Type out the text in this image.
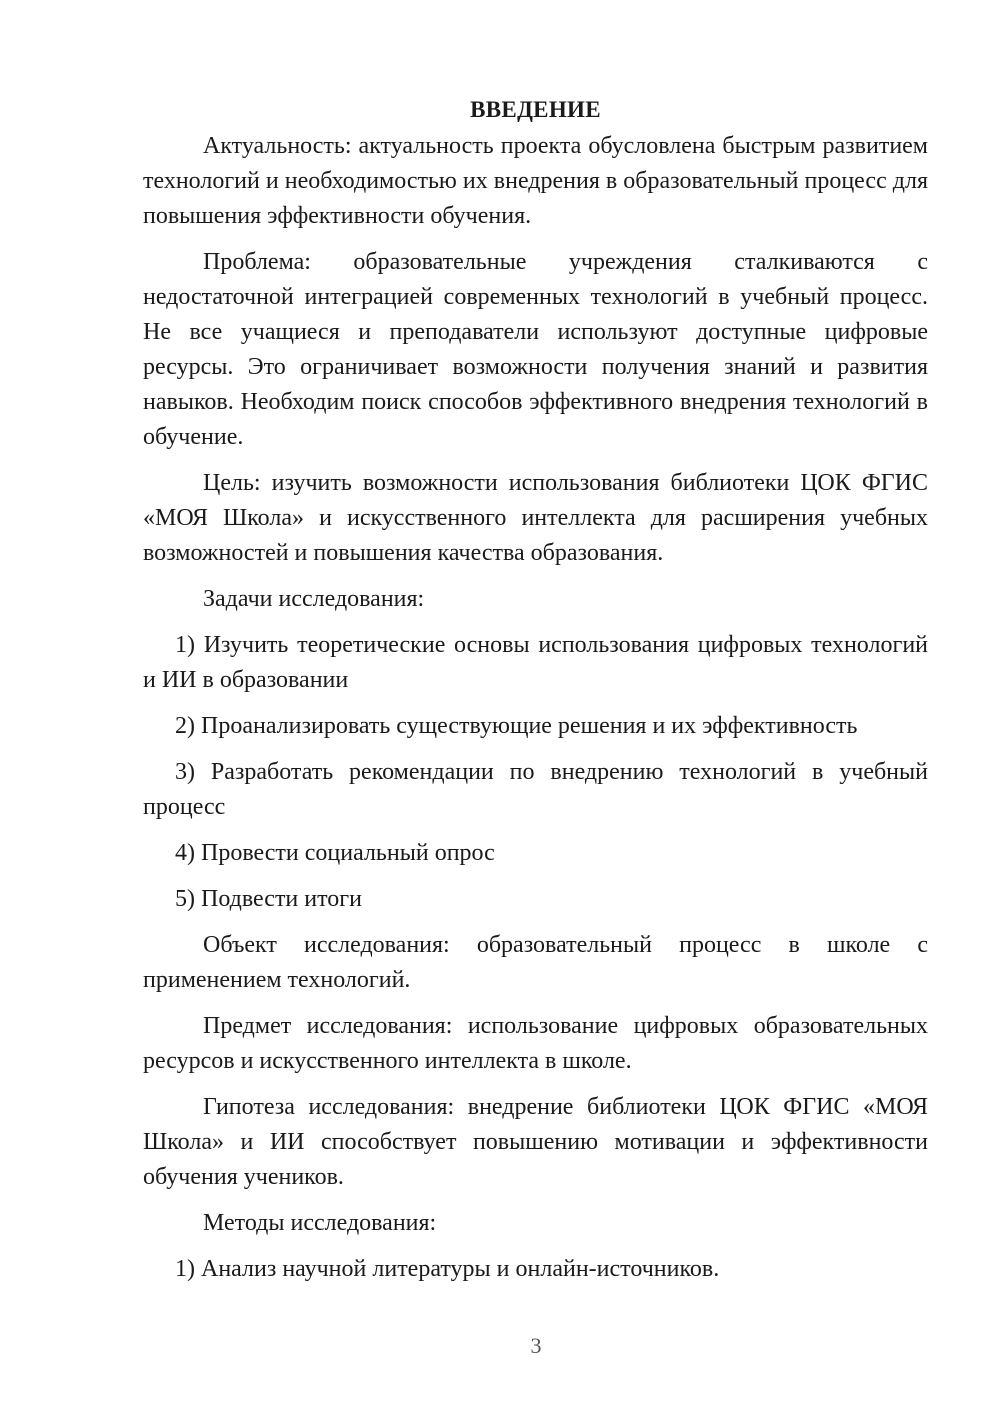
ВВЕДЕНИЕ

Актуальность: актуальность проекта обусловлена быстрым развитием технологий и необходимостью их внедрения в образовательный процесс для повышения эффективности обучения.

Проблема: образовательные учреждения сталкиваются с недостаточной интеграцией современных технологий в учебный процесс. Не все учащиеся и преподаватели используют доступные цифровые ресурсы. Это ограничивает возможности получения знаний и развития навыков. Необходим поиск способов эффективного внедрения технологий в обучение.

Цель: изучить возможности использования библиотеки ЦОК ФГИС «МОЯ Школа» и искусственного интеллекта для расширения учебных возможностей и повышения качества образования.

Задачи исследования:

1) Изучить теоретические основы использования цифровых технологий и ИИ в образовании

2) Проанализировать существующие решения и их эффективность

3) Разработать рекомендации по внедрению технологий в учебный процесс

4) Провести социальный опрос

5) Подвести итоги

Объект исследования: образовательный процесс в школе с применением технологий.

Предмет исследования: использование цифровых образовательных ресурсов и искусственного интеллекта в школе.

Гипотеза исследования: внедрение библиотеки ЦОК ФГИС «МОЯ Школа» и ИИ способствует повышению мотивации и эффективности обучения учеников.

Методы исследования:

1) Анализ научной литературы и онлайн-источников.

3
